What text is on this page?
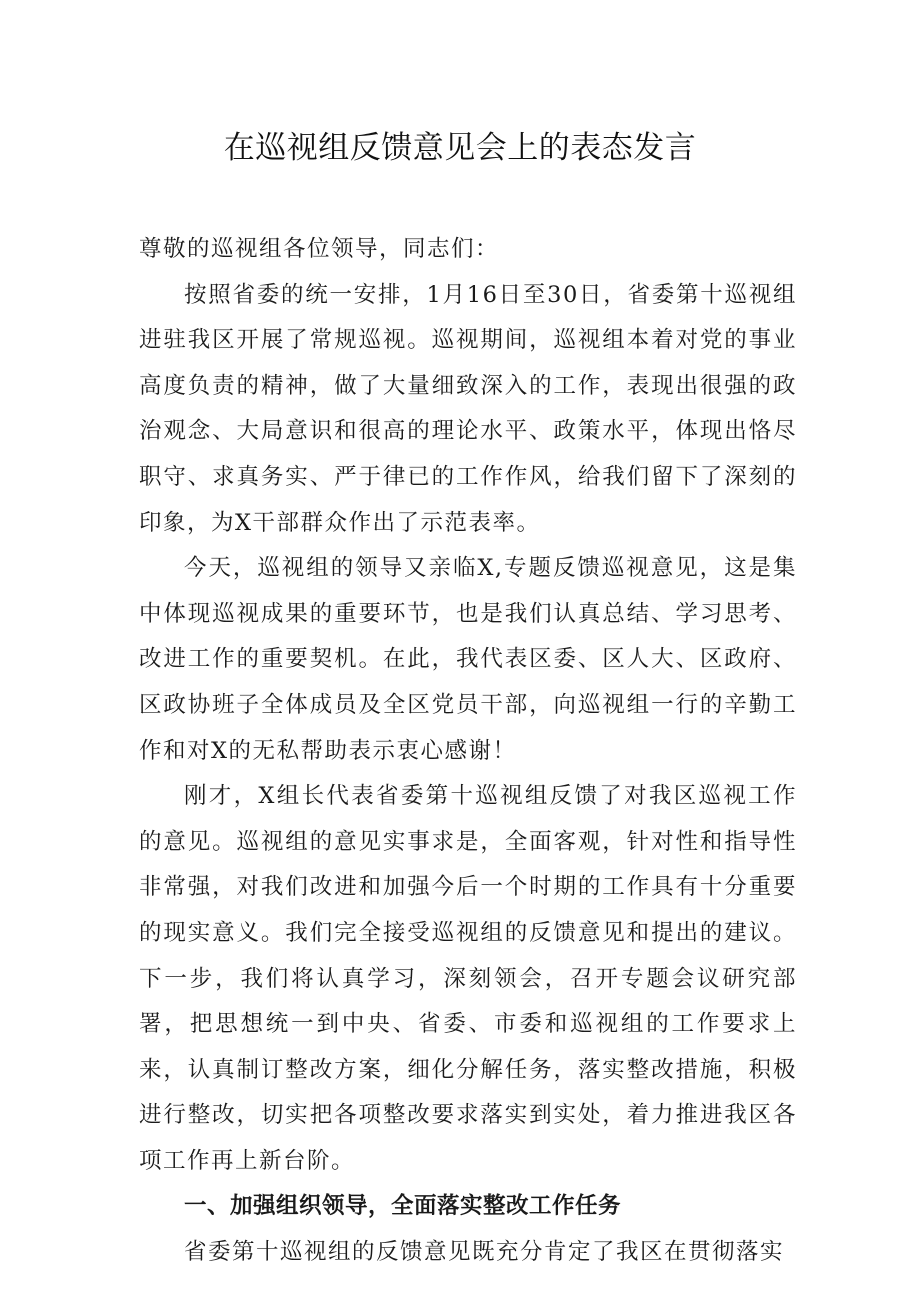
在巡视组反馈意见会上的表态发言

尊敬的巡视组各位领导，同志们：

按照省委的统一安排，1月16日至30日，省委第十巡视组进驻我区开展了常规巡视。巡视期间，巡视组本着对党的事业高度负责的精神，做了大量细致深入的工作，表现出很强的政治观念、大局意识和很高的理论水平、政策水平，体现出恪尽职守、求真务实、严于律已的工作作风，给我们留下了深刻的印象，为X干部群众作出了示范表率。

今天，巡视组的领导又亲临X,专题反馈巡视意见，这是集中体现巡视成果的重要环节，也是我们认真总结、学习思考、改进工作的重要契机。在此，我代表区委、区人大、区政府、区政协班子全体成员及全区党员干部，向巡视组一行的辛勤工作和对X的无私帮助表示衷心感谢！

刚才，X组长代表省委第十巡视组反馈了对我区巡视工作的意见。巡视组的意见实事求是，全面客观，针对性和指导性非常强，对我们改进和加强今后一个时期的工作具有十分重要的现实意义。我们完全接受巡视组的反馈意见和提出的建议。下一步，我们将认真学习，深刻领会，召开专题会议研究部署，把思想统一到中央、省委、市委和巡视组的工作要求上来，认真制订整改方案，细化分解任务，落实整改措施，积极进行整改，切实把各项整改要求落实到实处，着力推进我区各项工作再上新台阶。

一、加强组织领导，全面落实整改工作任务

省委第十巡视组的反馈意见既充分肯定了我区在贯彻落实
